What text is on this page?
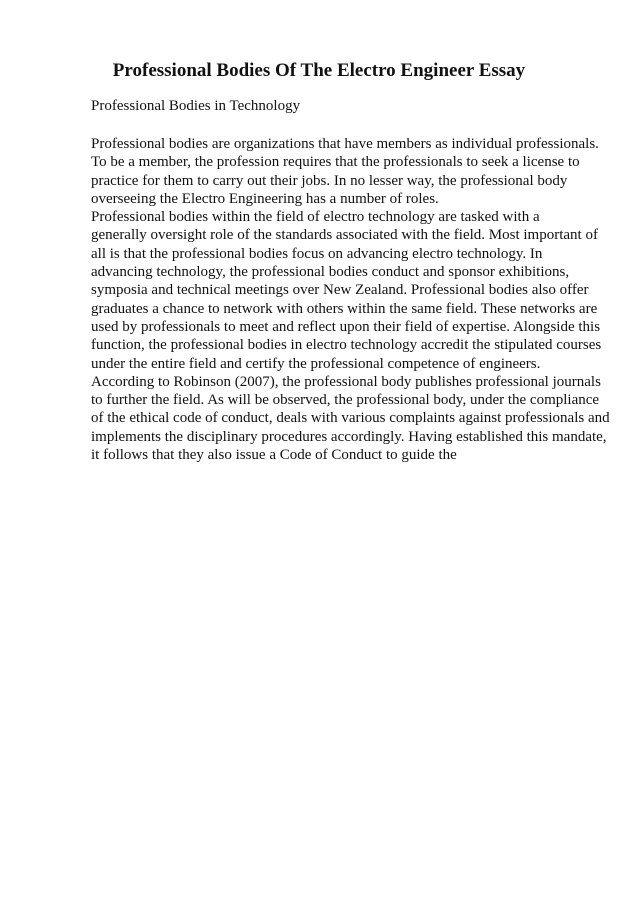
Professional Bodies Of The Electro Engineer Essay
Professional Bodies in Technology
Professional bodies are organizations that have members as individual professionals.
To be a member, the profession requires that the professionals to seek a license to
practice for them to carry out their jobs. In no lesser way, the professional body
overseeing the Electro Engineering has a number of roles.
Professional bodies within the field of electro technology are tasked with a
generally oversight role of the standards associated with the field. Most important of
all is that the professional bodies focus on advancing electro technology. In
advancing technology, the professional bodies conduct and sponsor exhibitions,
symposia and technical meetings over New Zealand. Professional bodies also offer
graduates a chance to network with others within the same field. These networks are
used by professionals to meet and reflect upon their field of expertise. Alongside this
function, the professional bodies in electro technology accredit the stipulated courses
under the entire field and certify the professional competence of engineers.
According to Robinson (2007), the professional body publishes professional journals
to further the field. As will be observed, the professional body, under the compliance
of the ethical code of conduct, deals with various complaints against professionals and
implements the disciplinary procedures accordingly. Having established this mandate,
it follows that they also issue a Code of Conduct to guide the
